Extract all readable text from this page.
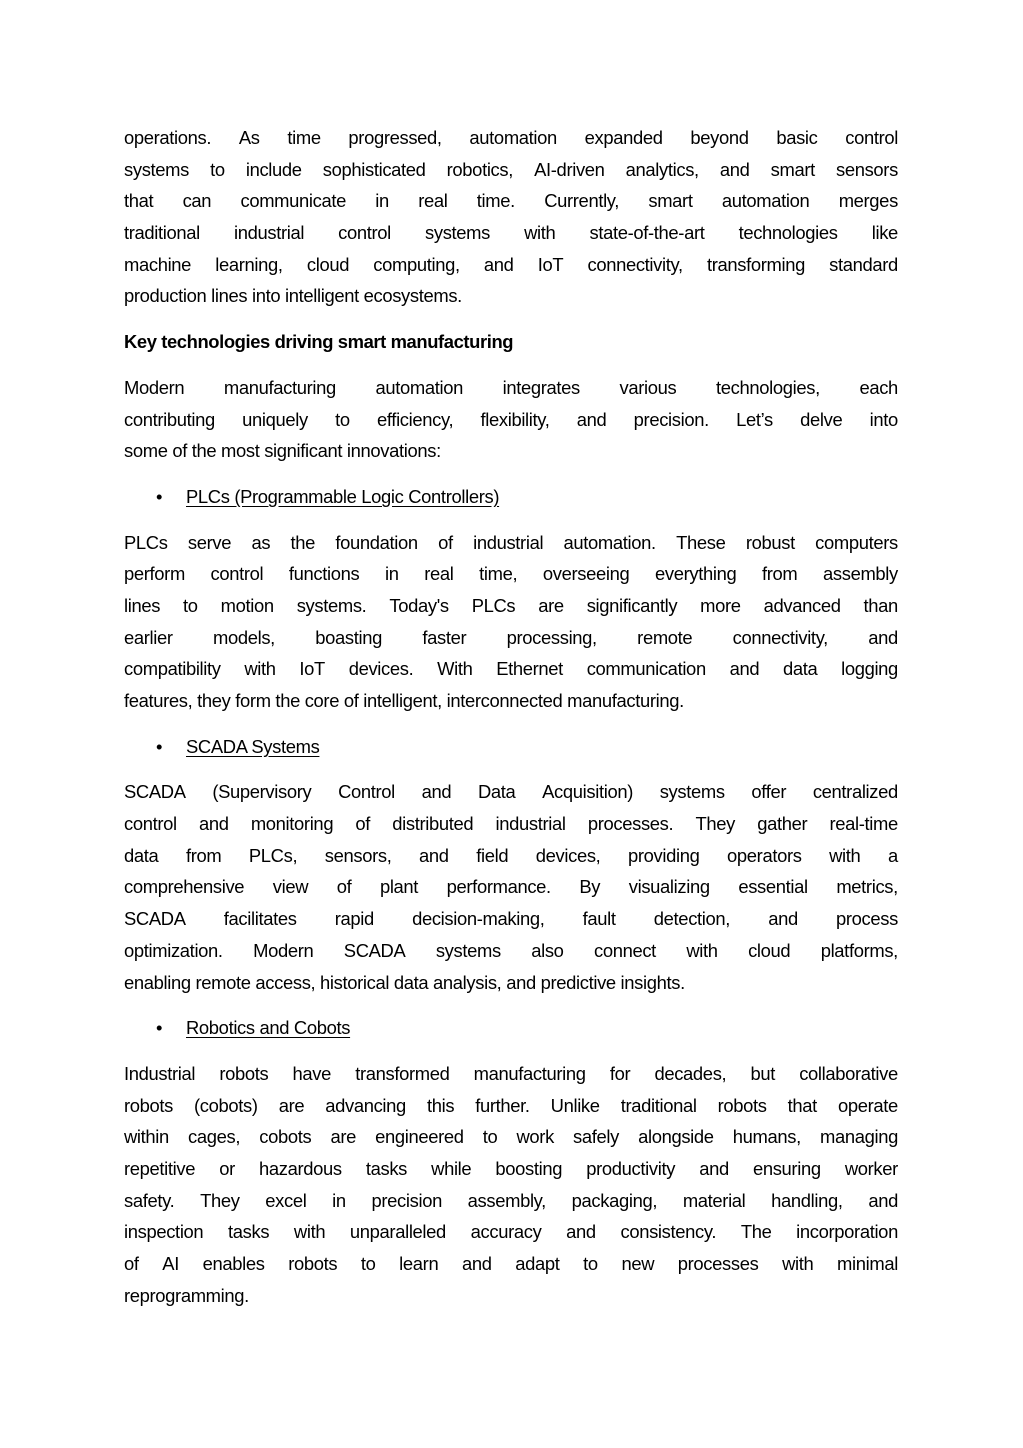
operations. As time progressed, automation expanded beyond basic control
systems to include sophisticated robotics, AI-driven analytics, and smart sensors
that can communicate in real time. Currently, smart automation merges
traditional industrial control systems with state-of-the-art technologies like
machine learning, cloud computing, and IoT connectivity, transforming standard
production lines into intelligent ecosystems.
Key technologies driving smart manufacturing
Modern manufacturing automation integrates various technologies, each
contributing uniquely to efficiency, flexibility, and precision. Let’s delve into
some of the most significant innovations:
• PLCs (Programmable Logic Controllers)
PLCs serve as the foundation of industrial automation. These robust computers
perform control functions in real time, overseeing everything from assembly
lines to motion systems. Today's PLCs are significantly more advanced than
earlier models, boasting faster processing, remote connectivity, and
compatibility with IoT devices. With Ethernet communication and data logging
features, they form the core of intelligent, interconnected manufacturing.
• SCADA Systems
SCADA (Supervisory Control and Data Acquisition) systems offer centralized
control and monitoring of distributed industrial processes. They gather real-time
data from PLCs, sensors, and field devices, providing operators with a
comprehensive view of plant performance. By visualizing essential metrics,
SCADA facilitates rapid decision-making, fault detection, and process
optimization. Modern SCADA systems also connect with cloud platforms,
enabling remote access, historical data analysis, and predictive insights.
• Robotics and Cobots
Industrial robots have transformed manufacturing for decades, but collaborative
robots (cobots) are advancing this further. Unlike traditional robots that operate
within cages, cobots are engineered to work safely alongside humans, managing
repetitive or hazardous tasks while boosting productivity and ensuring worker
safety. They excel in precision assembly, packaging, material handling, and
inspection tasks with unparalleled accuracy and consistency. The incorporation
of AI enables robots to learn and adapt to new processes with minimal
reprogramming.
